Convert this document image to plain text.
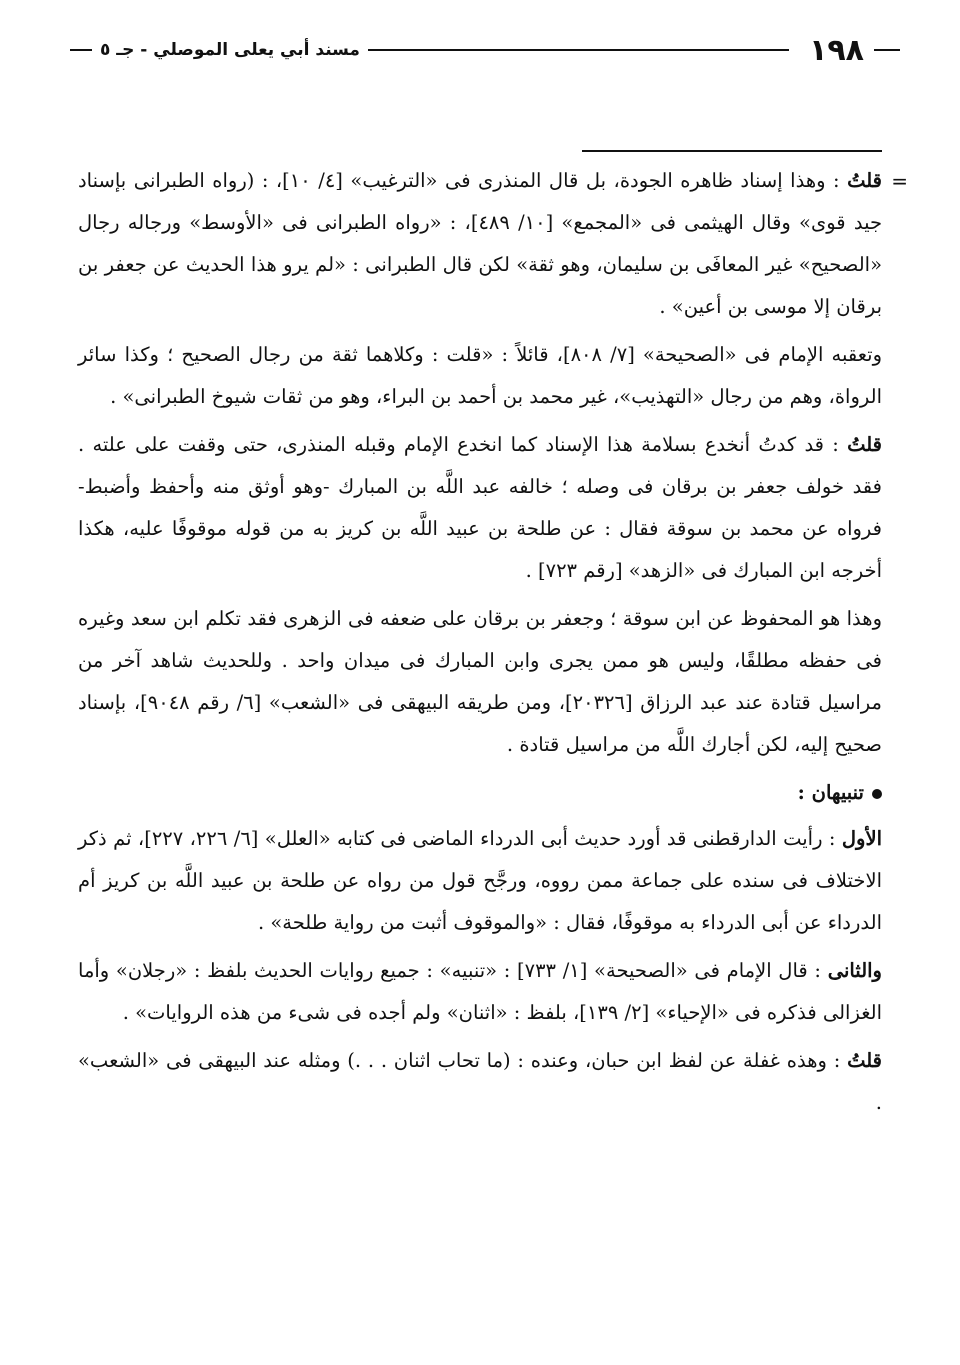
١٩٨
مسند أبي يعلى الموصلي - جـ ٥

=
قلتُ : وهذا إسناد ظاهره الجودة، بل قال المنذرى فى «الترغيب» [٤/ ١٠]، : (رواه الطبرانى بإسناد جيد قوى» وقال الهيثمى فى «المجمع» [١٠/ ٤٨٩]، : «رواه الطبرانى فى «الأوسط» ورجاله رجال «الصحيح» غير المعافَى بن سليمان، وهو ثقة» لكن قال الطبرانى : «لم يرو هذا الحديث عن جعفر بن برقان إلا موسى بن أعين» .

وتعقبه الإمام فى «الصحيحة» [٧/ ٨٠٨]، قائلاً : «قلت : وكلاهما ثقة من رجال الصحيح ؛ وكذا سائر الرواة، وهم من رجال «التهذيب»، غير محمد بن أحمد بن البراء، وهو من ثقات شيوخ الطبرانى» .

قلتُ : قد كدتُ أنخدع بسلامة هذا الإسناد كما انخدع الإمام وقبله المنذرى، حتى وقفت على علته . فقد خولف جعفر بن برقان فى وصله ؛ خالفه عبد اللَّه بن المبارك -وهو أوثق منه وأحفظ وأضبط- فرواه عن محمد بن سوقة فقال : عن طلحة بن عبيد اللَّه بن كريز به من قوله موقوفًا عليه، هكذا أخرجه ابن المبارك فى «الزهد» [رقم ٧٢٣] .

وهذا هو المحفوظ عن ابن سوقة ؛ وجعفر بن برقان على ضعفه فى الزهرى فقد تكلم ابن سعد وغيره فى حفظه مطلقًا، وليس هو ممن يجرى وابن المبارك فى ميدان واحد . وللحديث شاهد آخر من مراسيل قتادة عند عبد الرزاق [٢٠٣٢٦]، ومن طريقه البيهقى فى «الشعب» [٦/ رقم ٩٠٤٨]، بإسناد صحيح إليه، لكن أجارك اللَّه من مراسيل قتادة .

تنبيهان :

الأول : رأيت الدارقطنى قد أورد حديث أبى الدرداء الماضى فى كتابه «العلل» [٦/ ٢٢٦، ٢٢٧]، ثم ذكر الاختلاف فى سنده على جماعة ممن رووه، ورجَّح قول من رواه عن طلحة بن عبيد اللَّه بن كريز أم الدرداء عن أبى الدرداء به موقوفًا، فقال : «والموقوف أثبت من رواية طلحة» .

والثانى : قال الإمام فى «الصحيحة» [١/ ٧٣٣] : «تنبيه» : جميع روايات الحديث بلفظ : «رجلان» وأما الغزالى فذكره فى «الإحياء» [٢/ ١٣٩]، بلفظ : «اثنان» ولم أجده فى شىء من هذه الروايات» .

قلتُ : وهذه غفلة عن لفظ ابن حبان، وعنده : (ما تحاب اثنان . . .) ومثله عند البيهقى فى «الشعب» .
